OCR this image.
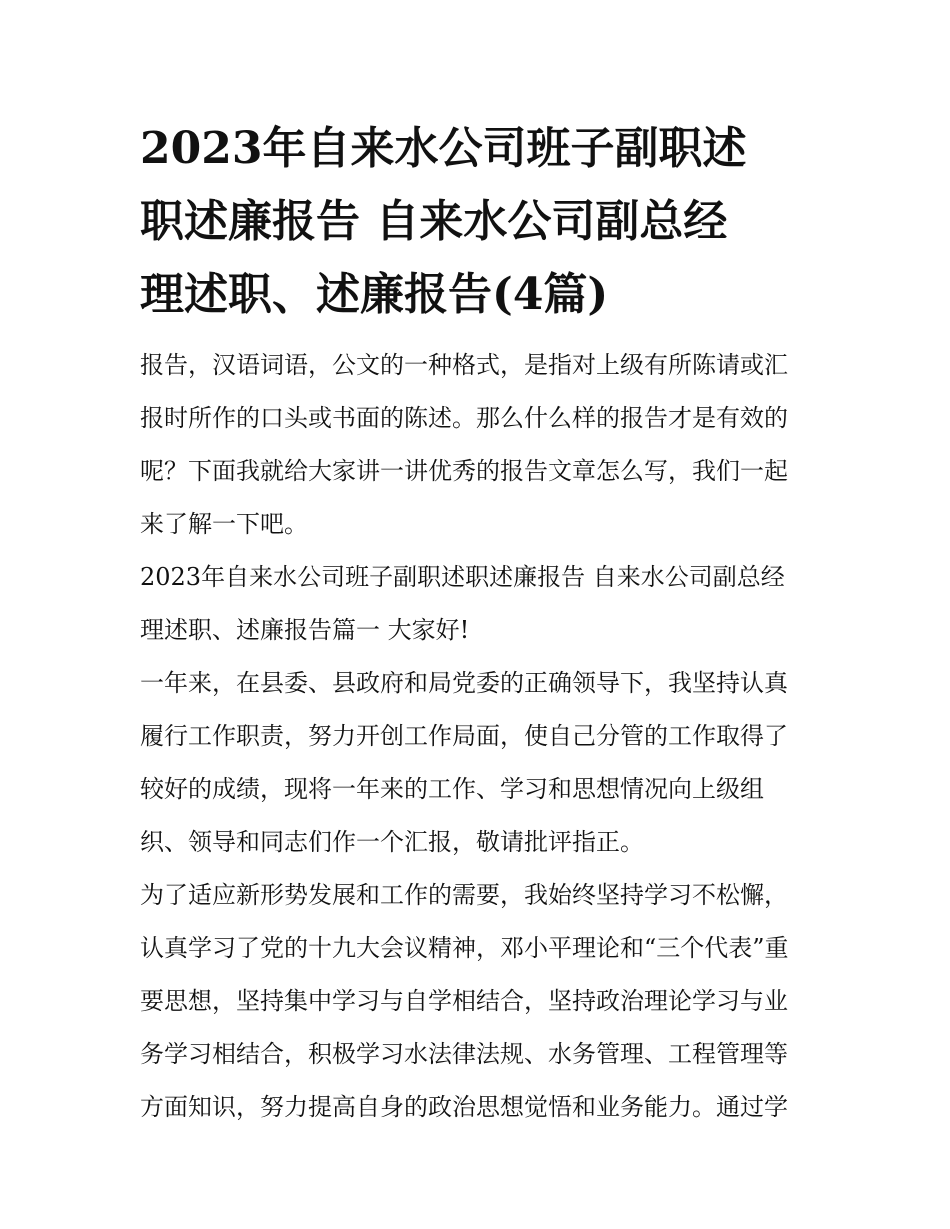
2023年自来水公司班子副职述
职述廉报告 自来水公司副总经
理述职、述廉报告(4篇)

报告，汉语词语，公文的一种格式，是指对上级有所陈请或汇
报时所作的口头或书面的陈述。那么什么样的报告才是有效的
呢？下面我就给大家讲一讲优秀的报告文章怎么写，我们一起
来了解一下吧。

2023年自来水公司班子副职述职述廉报告 自来水公司副总经
理述职、述廉报告篇一 大家好!

一年来，在县委、县政府和局党委的正确领导下，我坚持认真
履行工作职责，努力开创工作局面，使自己分管的工作取得了
较好的成绩，现将一年来的工作、学习和思想情况向上级组
织、领导和同志们作一个汇报，敬请批评指正。

为了适应新形势发展和工作的需要，我始终坚持学习不松懈，
认真学习了党的十九大会议精神，邓小平理论和“三个代表”重
要思想，坚持集中学习与自学相结合，坚持政治理论学习与业
务学习相结合，积极学习水法律法规、水务管理、工程管理等
方面知识，努力提高自身的政治思想觉悟和业务能力。通过学
